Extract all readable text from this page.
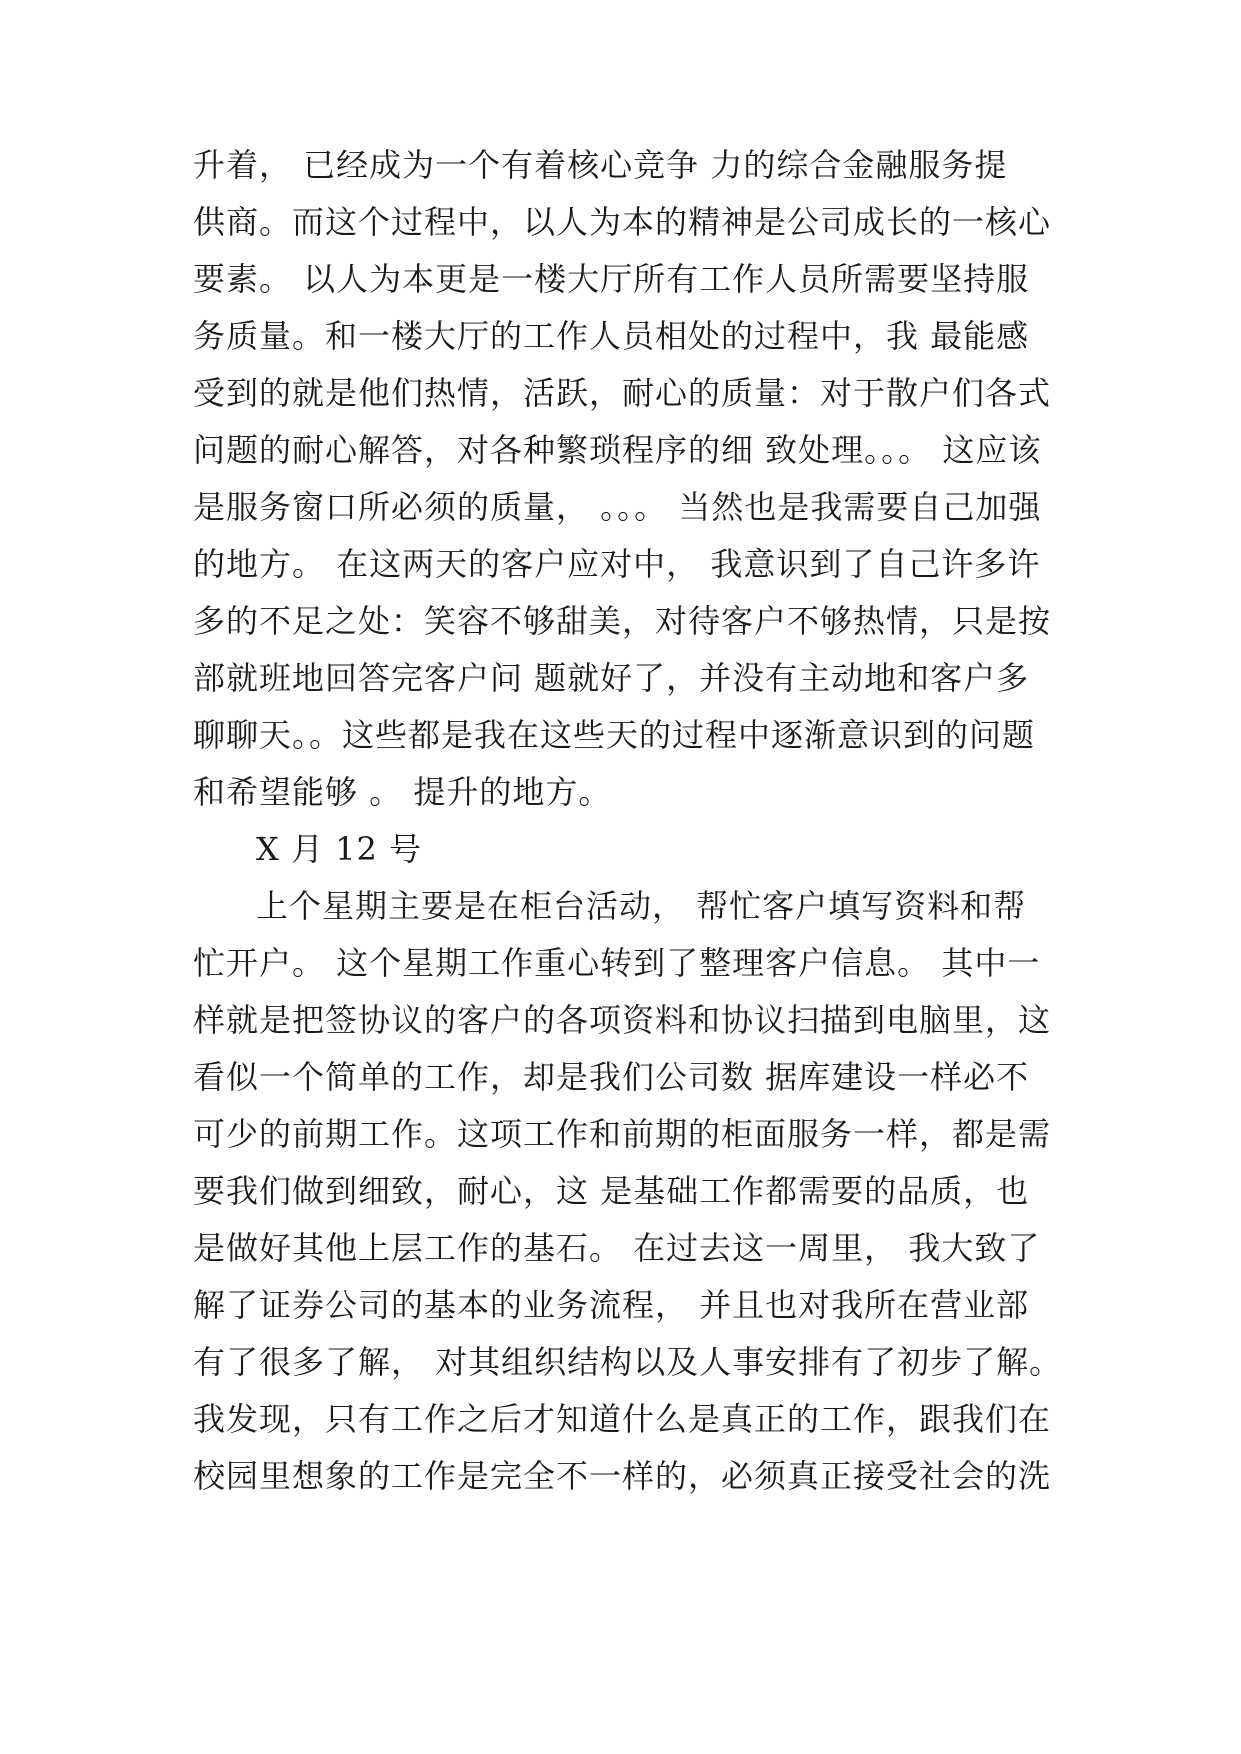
升着， 已经成为一个有着核心竞争 力的综合金融服务提
供商。而这个过程中，以人为本的精神是公司成长的一核心
要素。 以人为本更是一楼大厅所有工作人员所需要坚持服
务质量。和一楼大厅的工作人员相处的过程中，我 最能感
受到的就是他们热情，活跃，耐心的质量：对于散户们各式
问题的耐心解答，对各种繁琐程序的细 致处理。。。 这应该
是服务窗口所必须的质量， 。。。 当然也是我需要自己加强
的地方。 在这两天的客户应对中， 我意识到了自己许多许
多的不足之处：笑容不够甜美，对待客户不够热情，只是按
部就班地回答完客户问 题就好了，并没有主动地和客户多
聊聊天。。这些都是我在这些天的过程中逐渐意识到的问题
和希望能够 。 提升的地方。
X 月 12 号
上个星期主要是在柜台活动， 帮忙客户填写资料和帮
忙开户。 这个星期工作重心转到了整理客户信息。 其中一
样就是把签协议的客户的各项资料和协议扫描到电脑里，这
看似一个简单的工作，却是我们公司数 据库建设一样必不
可少的前期工作。这项工作和前期的柜面服务一样，都是需
要我们做到细致，耐心，这 是基础工作都需要的品质，也
是做好其他上层工作的基石。 在过去这一周里， 我大致了
解了证券公司的基本的业务流程， 并且也对我所在营业部
有了很多了解， 对其组织结构以及人事安排有了初步了解。
我发现，只有工作之后才知道什么是真正的工作，跟我们在
校园里想象的工作是完全不一样的，必须真正接受社会的洗
